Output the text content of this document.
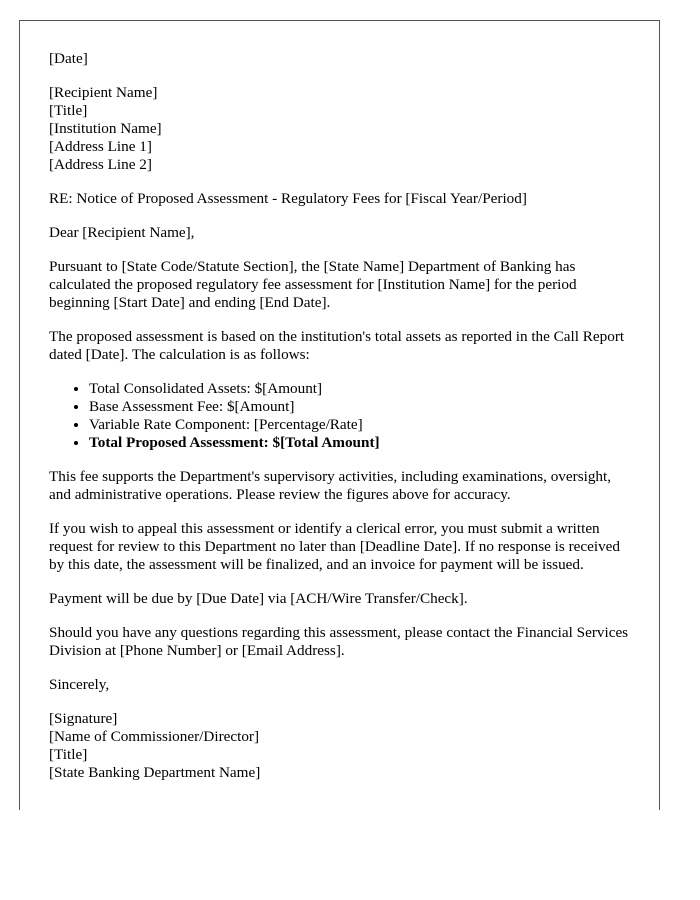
[Date]

[Recipient Name]
[Title]
[Institution Name]
[Address Line 1]
[Address Line 2]

RE: Notice of Proposed Assessment - Regulatory Fees for [Fiscal Year/Period]

Dear [Recipient Name],

Pursuant to [State Code/Statute Section], the [State Name] Department of Banking has calculated the proposed regulatory fee assessment for [Institution Name] for the period beginning [Start Date] and ending [End Date].

The proposed assessment is based on the institution's total assets as reported in the Call Report dated [Date]. The calculation is as follows:

• Total Consolidated Assets: $[Amount]
• Base Assessment Fee: $[Amount]
• Variable Rate Component: [Percentage/Rate]
• Total Proposed Assessment: $[Total Amount]

This fee supports the Department's supervisory activities, including examinations, oversight, and administrative operations. Please review the figures above for accuracy.

If you wish to appeal this assessment or identify a clerical error, you must submit a written request for review to this Department no later than [Deadline Date]. If no response is received by this date, the assessment will be finalized, and an invoice for payment will be issued.

Payment will be due by [Due Date] via [ACH/Wire Transfer/Check].

Should you have any questions regarding this assessment, please contact the Financial Services Division at [Phone Number] or [Email Address].

Sincerely,

[Signature]
[Name of Commissioner/Director]
[Title]
[State Banking Department Name]
